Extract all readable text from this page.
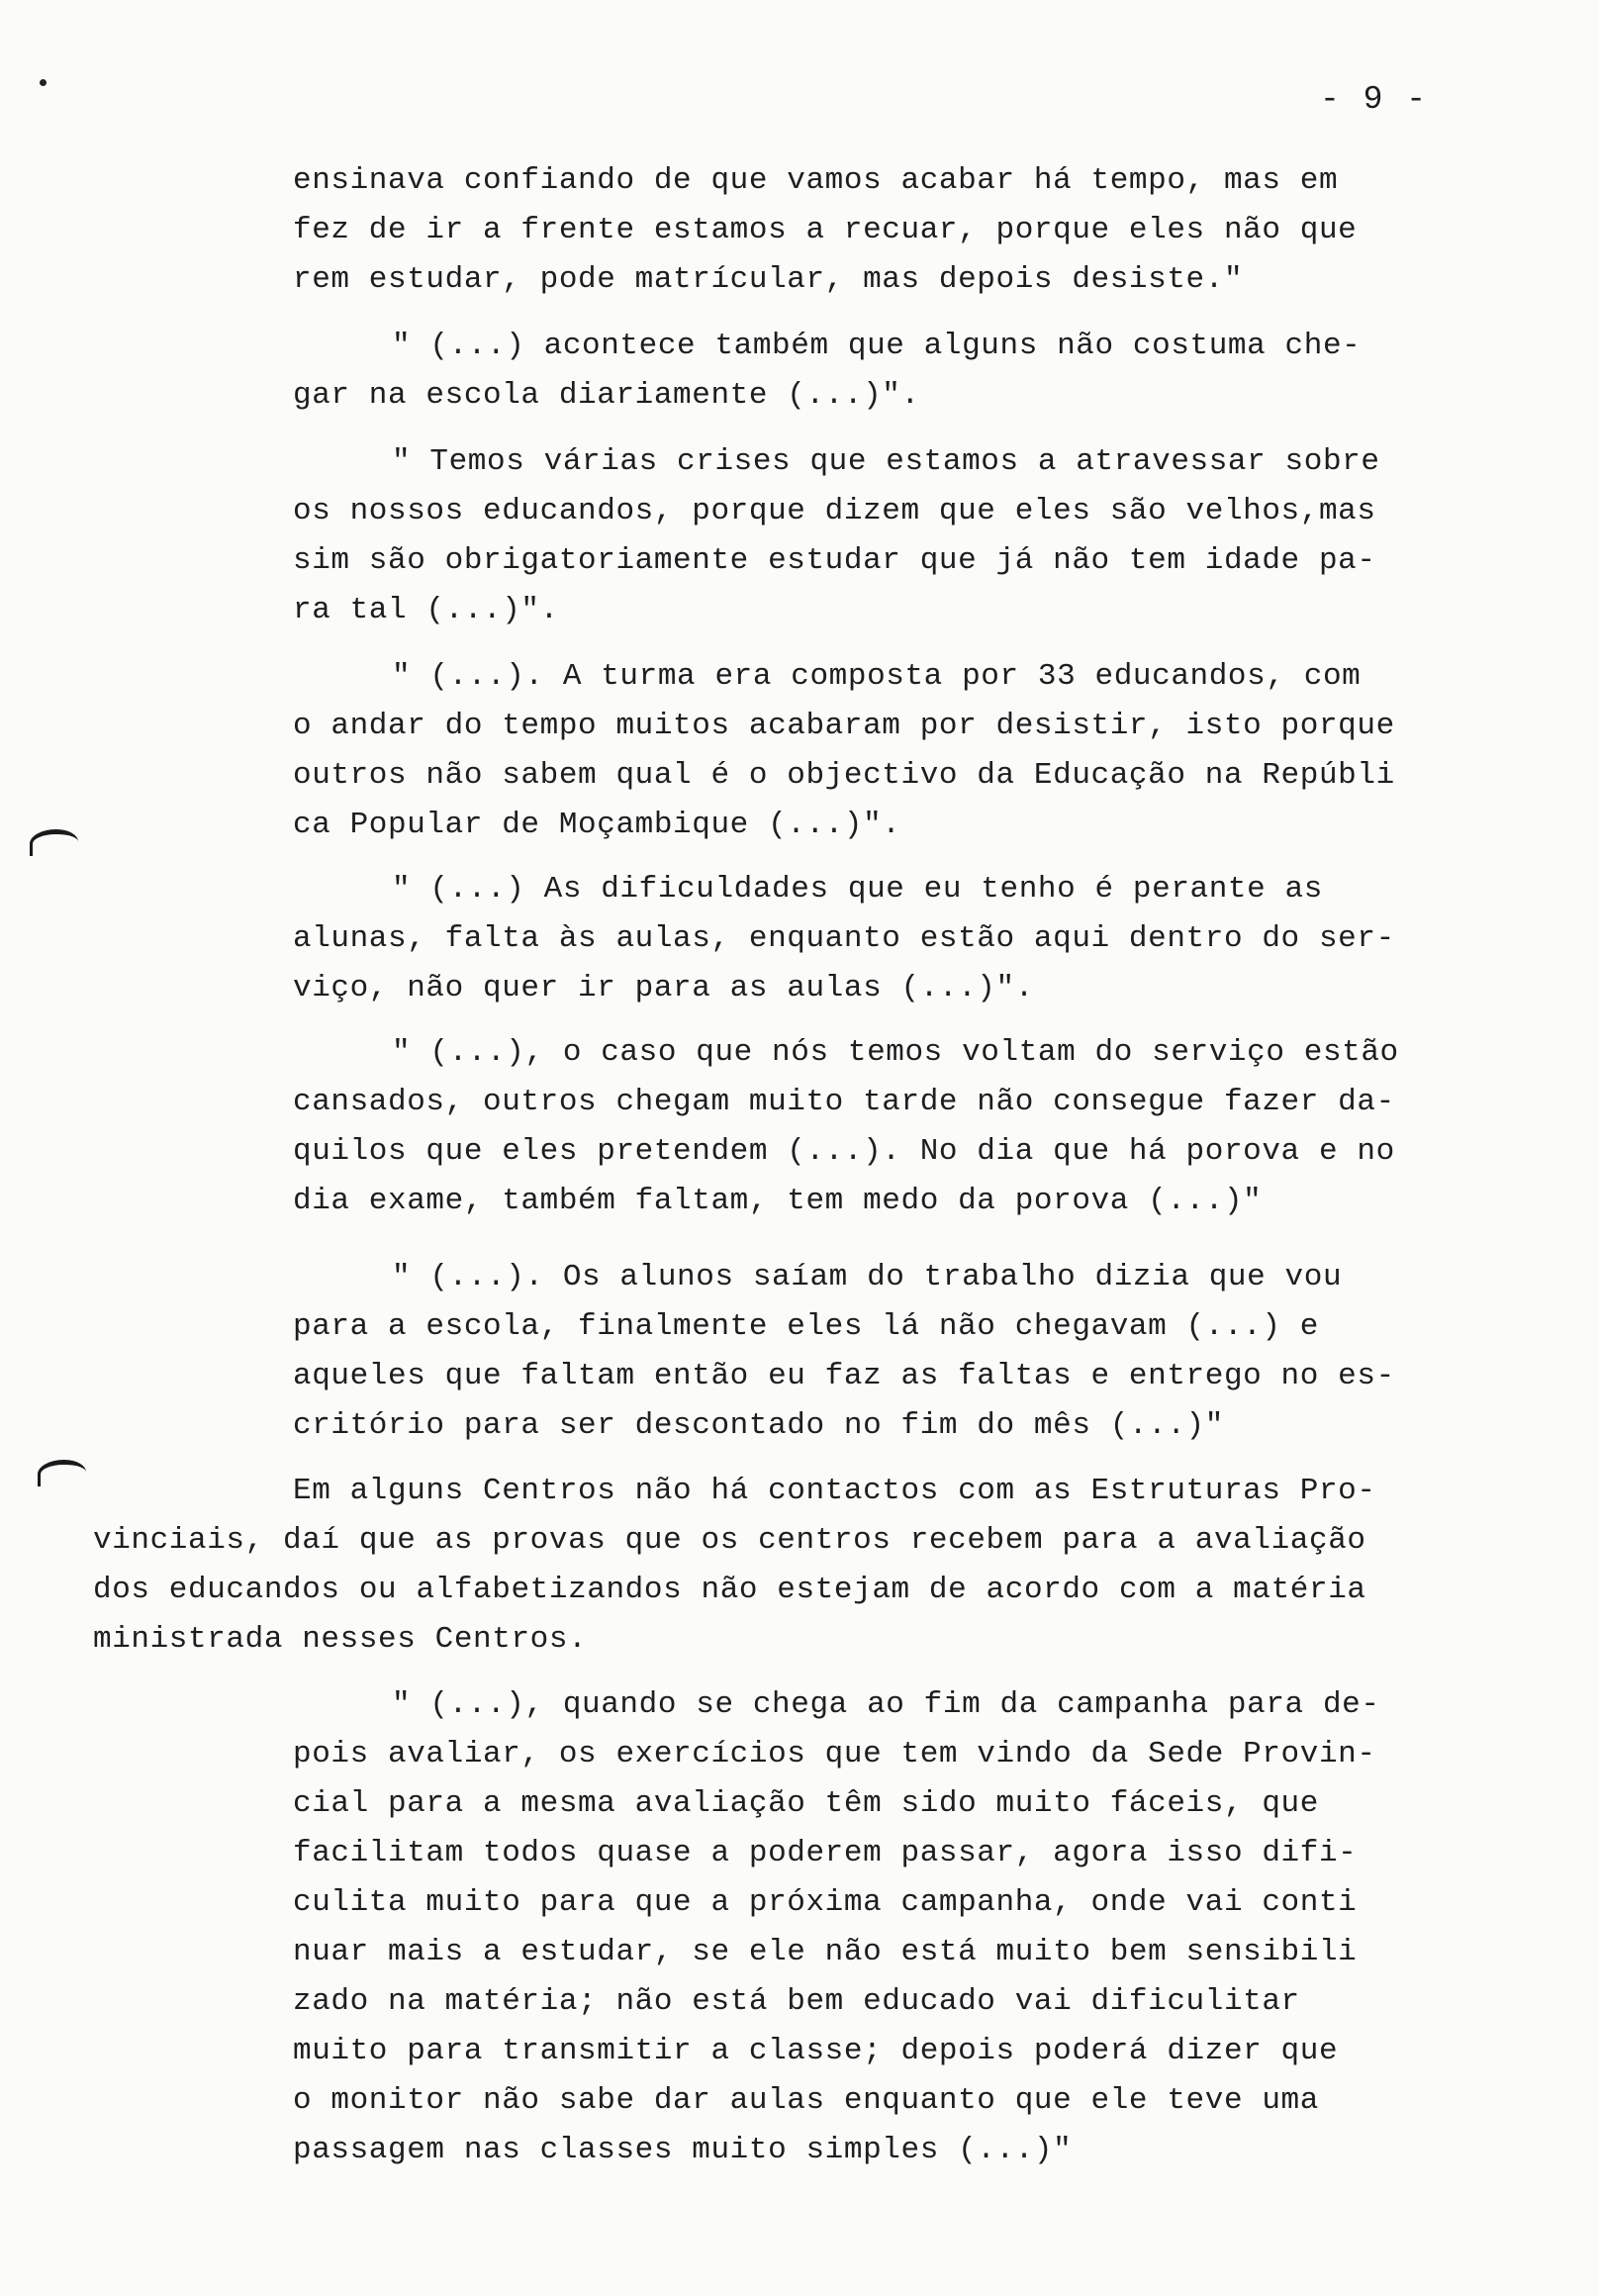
- 9 -
ensinava confiando de que vamos acabar há tempo, mas em
fez de ir a frente estamos a recuar, porque eles não que
rem estudar, pode matrícular, mas depois desiste."
" (...) acontece também que alguns não costuma che-
gar na escola diariamente (...)".
" Temos várias crises que estamos a atravessar sobre
os nossos educandos, porque dizem que eles são velhos,mas
sim são obrigatoriamente estudar que já não tem idade pa-
ra tal (...)".
" (...). A turma era composta por 33 educandos, com
o andar do tempo muitos acabaram por desistir, isto porque
outros não sabem qual é o objectivo da Educação na Repúbli
ca Popular de Moçambique (...)".
" (...) As dificuldades que eu tenho é perante as
alunas, falta às aulas, enquanto estão aqui dentro do ser-
viço, não quer ir para as aulas (...)".
" (...), o caso que nós temos voltam do serviço estão
cansados, outros chegam muito tarde não consegue fazer da-
quilos que eles pretendem (...). No dia que há porova e no
dia exame, também faltam, tem medo da porova (...)"
" (...). Os alunos saíam do trabalho dizia que vou
para a escola, finalmente eles lá não chegavam (...) e
aqueles que faltam então eu faz as faltas e entrego no es-
critório para ser descontado no fim do mês (...)"
Em alguns Centros não há contactos com as Estruturas Pro-
vinciais, daí que as provas que os centros recebem para a avaliação
dos educandos ou alfabetizandos não estejam de acordo com a matéria
ministrada nesses Centros.
" (...), quando se chega ao fim da campanha para de-
pois avaliar, os exercícios que tem vindo da Sede Provin-
cial para a mesma avaliação têm sido muito fáceis, que
facilitam todos quase a poderem passar, agora isso difi-
culita muito para que a próxima campanha, onde vai conti
nuar mais a estudar, se ele não está muito bem sensibili
zado na matéria; não está bem educado vai dificulitar
muito para transmitir a classe; depois poderá dizer que
o monitor não sabe dar aulas enquanto que ele teve uma
passagem nas classes muito simples (...)"
